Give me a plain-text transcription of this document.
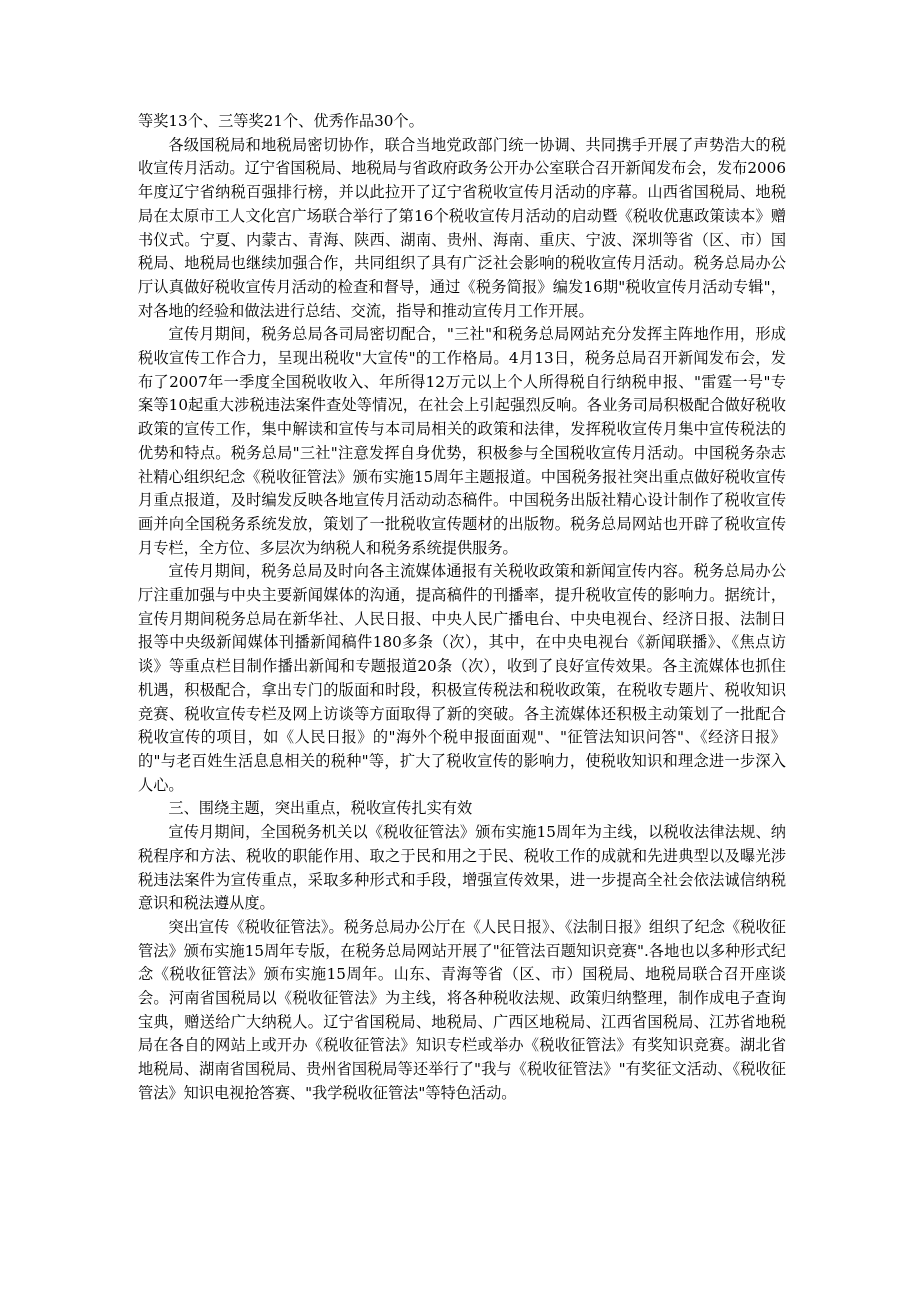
等奖13个、三等奖21个、优秀作品30个。

各级国税局和地税局密切协作，联合当地党政部门统一协调、共同携手开展了声势浩大的税收宣传月活动。辽宁省国税局、地税局与省政府政务公开办公室联合召开新闻发布会，发布2006年度辽宁省纳税百强排行榜，并以此拉开了辽宁省税收宣传月活动的序幕。山西省国税局、地税局在太原市工人文化宫广场联合举行了第16个税收宣传月活动的启动暨《税收优惠政策读本》赠书仪式。宁夏、内蒙古、青海、陕西、湖南、贵州、海南、重庆、宁波、深圳等省（区、市）国税局、地税局也继续加强合作，共同组织了具有广泛社会影响的税收宣传月活动。税务总局办公厅认真做好税收宣传月活动的检查和督导，通过《税务简报》编发16期"税收宣传月活动专辑"，对各地的经验和做法进行总结、交流，指导和推动宣传月工作开展。

宣传月期间，税务总局各司局密切配合，"三社"和税务总局网站充分发挥主阵地作用，形成税收宣传工作合力，呈现出税收"大宣传"的工作格局。4月13日，税务总局召开新闻发布会，发布了2007年一季度全国税收收入、年所得12万元以上个人所得税自行纳税申报、"雷霆一号"专案等10起重大涉税违法案件查处等情况，在社会上引起强烈反响。各业务司局积极配合做好税收政策的宣传工作，集中解读和宣传与本司局相关的政策和法律，发挥税收宣传月集中宣传税法的优势和特点。税务总局"三社"注意发挥自身优势，积极参与全国税收宣传月活动。中国税务杂志社精心组织纪念《税收征管法》颁布实施15周年主题报道。中国税务报社突出重点做好税收宣传月重点报道，及时编发反映各地宣传月活动动态稿件。中国税务出版社精心设计制作了税收宣传画并向全国税务系统发放，策划了一批税收宣传题材的出版物。税务总局网站也开辟了税收宣传月专栏，全方位、多层次为纳税人和税务系统提供服务。

宣传月期间，税务总局及时向各主流媒体通报有关税收政策和新闻宣传内容。税务总局办公厅注重加强与中央主要新闻媒体的沟通，提高稿件的刊播率，提升税收宣传的影响力。据统计，宣传月期间税务总局在新华社、人民日报、中央人民广播电台、中央电视台、经济日报、法制日报等中央级新闻媒体刊播新闻稿件180多条（次），其中，在中央电视台《新闻联播》、《焦点访谈》等重点栏目制作播出新闻和专题报道20条（次），收到了良好宣传效果。各主流媒体也抓住机遇，积极配合，拿出专门的版面和时段，积极宣传税法和税收政策，在税收专题片、税收知识竞赛、税收宣传专栏及网上访谈等方面取得了新的突破。各主流媒体还积极主动策划了一批配合税收宣传的项目，如《人民日报》的"海外个税申报面面观"、"征管法知识问答"、《经济日报》的"与老百姓生活息息相关的税种"等，扩大了税收宣传的影响力，使税收知识和理念进一步深入人心。

三、围绕主题，突出重点，税收宣传扎实有效

宣传月期间，全国税务机关以《税收征管法》颁布实施15周年为主线，以税收法律法规、纳税程序和方法、税收的职能作用、取之于民和用之于民、税收工作的成就和先进典型以及曝光涉税违法案件为宣传重点，采取多种形式和手段，增强宣传效果，进一步提高全社会依法诚信纳税意识和税法遵从度。

突出宣传《税收征管法》。税务总局办公厅在《人民日报》、《法制日报》组织了纪念《税收征管法》颁布实施15周年专版，在税务总局网站开展了"征管法百题知识竞赛".各地也以多种形式纪念《税收征管法》颁布实施15周年。山东、青海等省（区、市）国税局、地税局联合召开座谈会。河南省国税局以《税收征管法》为主线，将各种税收法规、政策归纳整理，制作成电子查询宝典，赠送给广大纳税人。辽宁省国税局、地税局、广西区地税局、江西省国税局、江苏省地税局在各自的网站上或开办《税收征管法》知识专栏或举办《税收征管法》有奖知识竞赛。湖北省地税局、湖南省国税局、贵州省国税局等还举行了"我与《税收征管法》"有奖征文活动、《税收征管法》知识电视抢答赛、"我学税收征管法"等特色活动。
